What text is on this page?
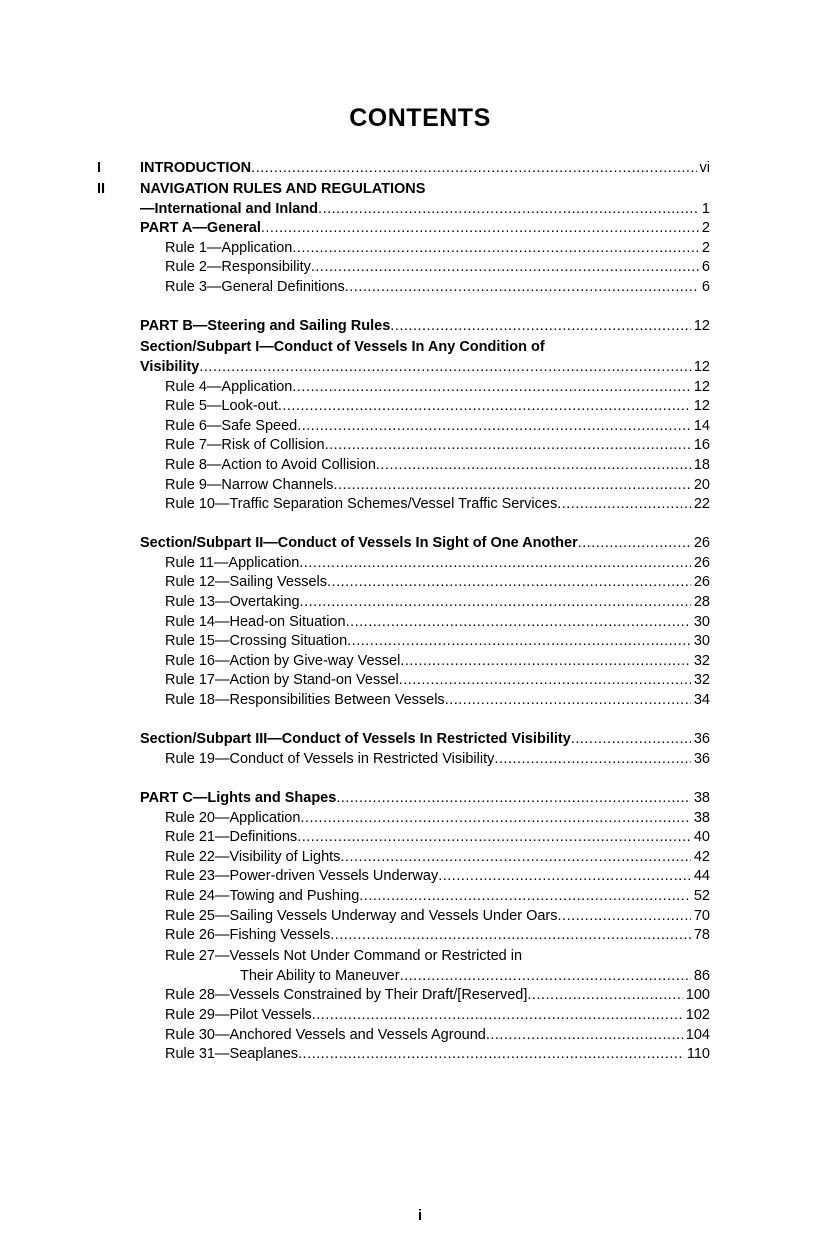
CONTENTS
I	INTRODUCTION .....	vi
II	NAVIGATION RULES AND REGULATIONS
—International and Inland .....	1
PART A—General .....	2
Rule 1—Application .....	2
Rule 2—Responsibility .....	6
Rule 3—General Definitions .....	6
PART B—Steering and Sailing Rules .....	12
Section/Subpart I—Conduct of Vessels In Any Condition of
Visibility .....	12
Rule 4—Application .....	12
Rule 5—Look-out .....	12
Rule 6—Safe Speed .....	14
Rule 7—Risk of Collision .....	16
Rule 8—Action to Avoid Collision .....	18
Rule 9—Narrow Channels .....	20
Rule 10—Traffic Separation Schemes/Vessel Traffic Services .....	22
Section/Subpart II—Conduct of Vessels In Sight of One Another .....	26
Rule 11—Application .....	26
Rule 12—Sailing Vessels .....	26
Rule 13—Overtaking .....	28
Rule 14—Head-on Situation .....	30
Rule 15—Crossing Situation .....	30
Rule 16—Action by Give-way Vessel .....	32
Rule 17—Action by Stand-on Vessel .....	32
Rule 18—Responsibilities Between Vessels .....	34
Section/Subpart III—Conduct of Vessels In Restricted Visibility .....	36
Rule 19—Conduct of Vessels in Restricted Visibility .....	36
PART C—Lights and Shapes .....	38
Rule 20—Application .....	38
Rule 21—Definitions .....	40
Rule 22—Visibility of Lights .....	42
Rule 23—Power-driven Vessels Underway .....	44
Rule 24—Towing and Pushing .....	52
Rule 25—Sailing Vessels Underway and Vessels Under Oars .....	70
Rule 26—Fishing Vessels .....	78
Rule 27—Vessels Not Under Command or Restricted in
Their Ability to Maneuver .....	86
Rule 28—Vessels Constrained by Their Draft/[Reserved] .....	100
Rule 29—Pilot Vessels .....	102
Rule 30—Anchored Vessels and Vessels Aground .....	104
Rule 31—Seaplanes .....	110
i
